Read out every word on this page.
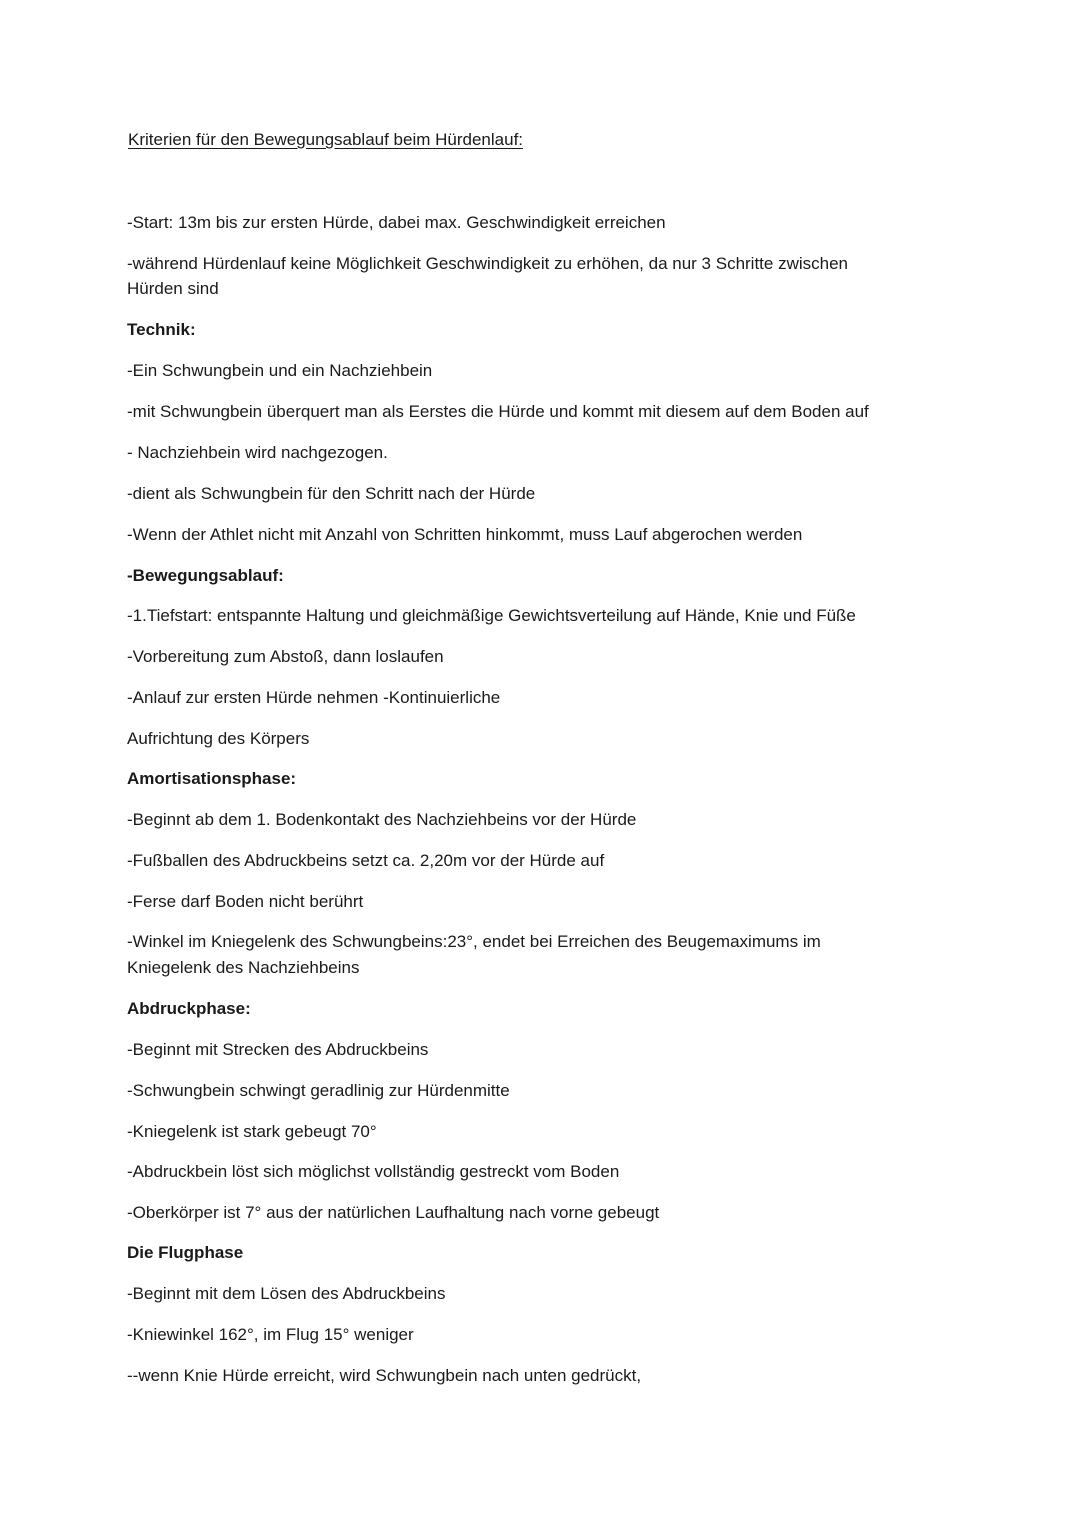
Kriterien für den Bewegungsablauf beim Hürdenlauf:
-Start: 13m bis zur ersten Hürde, dabei max. Geschwindigkeit erreichen
-während Hürdenlauf keine Möglichkeit Geschwindigkeit zu erhöhen, da nur 3 Schritte zwischen
Hürden sind
Technik:
-Ein Schwungbein und ein Nachziehbein
-mit Schwungbein überquert man als Eerstes die Hürde und kommt mit diesem auf dem Boden auf
- Nachziehbein wird nachgezogen.
-dient als Schwungbein für den Schritt nach der Hürde
-Wenn der Athlet nicht mit Anzahl von Schritten hinkommt, muss Lauf abgerochen werden
-Bewegungsablauf:
-1.Tiefstart: entspannte Haltung und gleichmäßige Gewichtsverteilung auf Hände, Knie und Füße
-Vorbereitung zum Abstoß, dann loslaufen
-Anlauf zur ersten Hürde nehmen -Kontinuierliche
Aufrichtung des Körpers
Amortisationsphase:
-Beginnt ab dem 1. Bodenkontakt des Nachziehbeins vor der Hürde
-Fußballen des Abdruckbeins setzt ca. 2,20m vor der Hürde auf
-Ferse darf Boden nicht berührt
-Winkel im Kniegelenk des Schwungbeins:23°, endet bei Erreichen des Beugemaximums im
Kniegelenk des Nachziehbeins
Abdruckphase:
-Beginnt mit Strecken des Abdruckbeins
-Schwungbein schwingt geradlinig zur Hürdenmitte
-Kniegelenk ist stark gebeugt 70°
-Abdruckbein löst sich möglichst vollständig gestreckt vom Boden
-Oberkörper ist 7° aus der natürlichen Laufhaltung nach vorne gebeugt
Die Flugphase
-Beginnt mit dem Lösen des Abdruckbeins
-Kniewinkel 162°, im Flug 15° weniger
--wenn Knie Hürde erreicht, wird Schwungbein nach unten gedrückt,
